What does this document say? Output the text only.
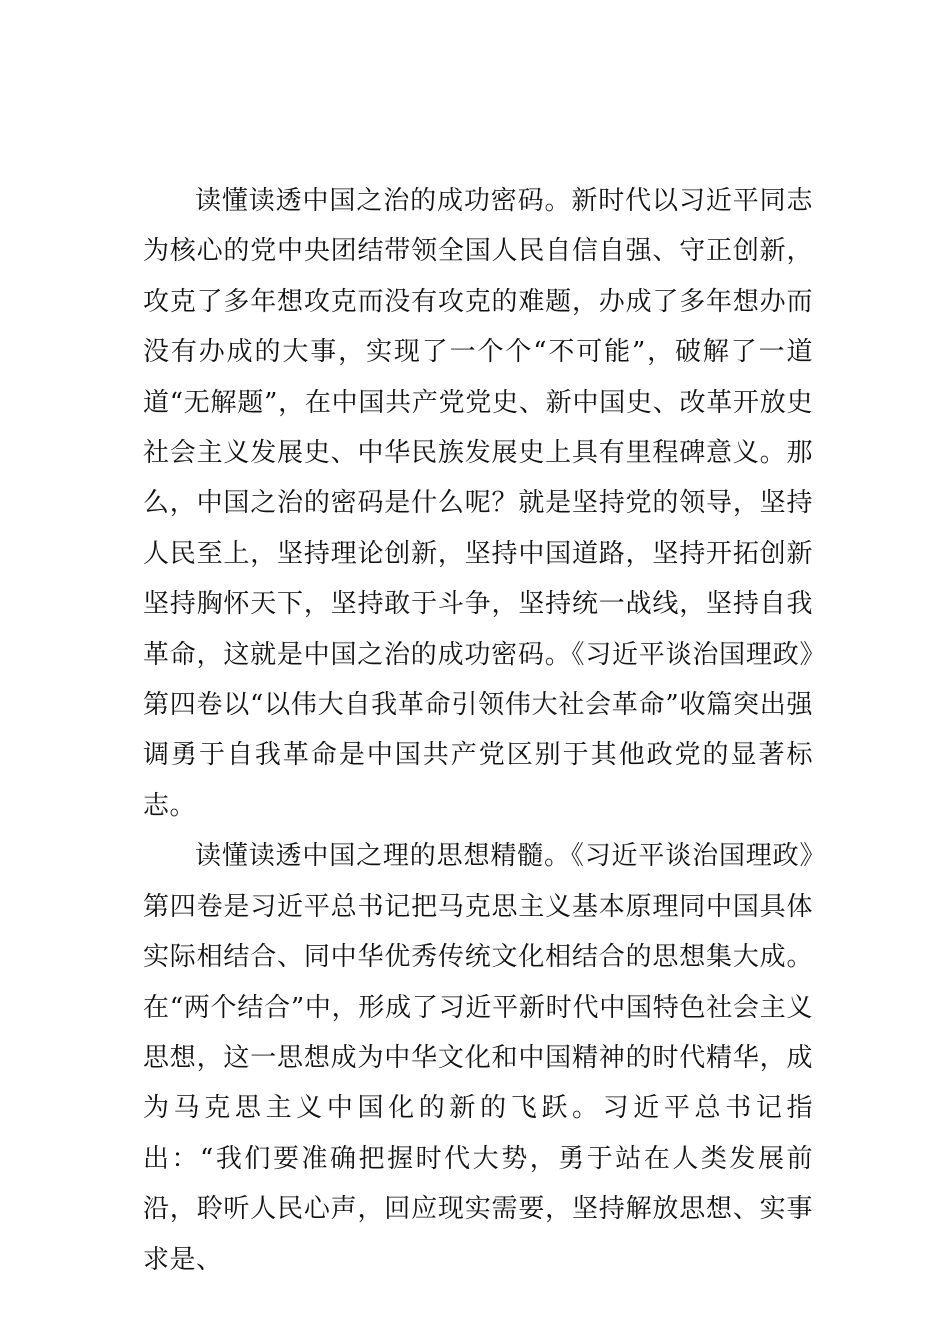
读懂读透中国之治的成功密码。新时代以习近平同志为核心的党中央团结带领全国人民自信自强、守正创新，攻克了多年想攻克而没有攻克的难题，办成了多年想办而没有办成的大事，实现了一个个“不可能”，破解了一道道“无解题”，在中国共产党党史、新中国史、改革开放史社会主义发展史、中华民族发展史上具有里程碑意义。那么，中国之治的密码是什么呢？就是坚持党的领导，坚持人民至上，坚持理论创新，坚持中国道路，坚持开拓创新坚持胸怀天下，坚持敢于斗争，坚持统一战线，坚持自我革命，这就是中国之治的成功密码。《习近平谈治国理政》第四卷以“以伟大自我革命引领伟大社会革命”收篇突出强调勇于自我革命是中国共产党区别于其他政党的显著标志。

读懂读透中国之理的思想精髓。《习近平谈治国理政》第四卷是习近平总书记把马克思主义基本原理同中国具体实际相结合、同中华优秀传统文化相结合的思想集大成。在“两个结合”中，形成了习近平新时代中国特色社会主义思想，这一思想成为中华文化和中国精神的时代精华，成为马克思主义中国化的新的飞跃。习近平总书记指出：“我们要准确把握时代大势，勇于站在人类发展前沿，聆听人民心声，回应现实需要，坚持解放思想、实事求是、
